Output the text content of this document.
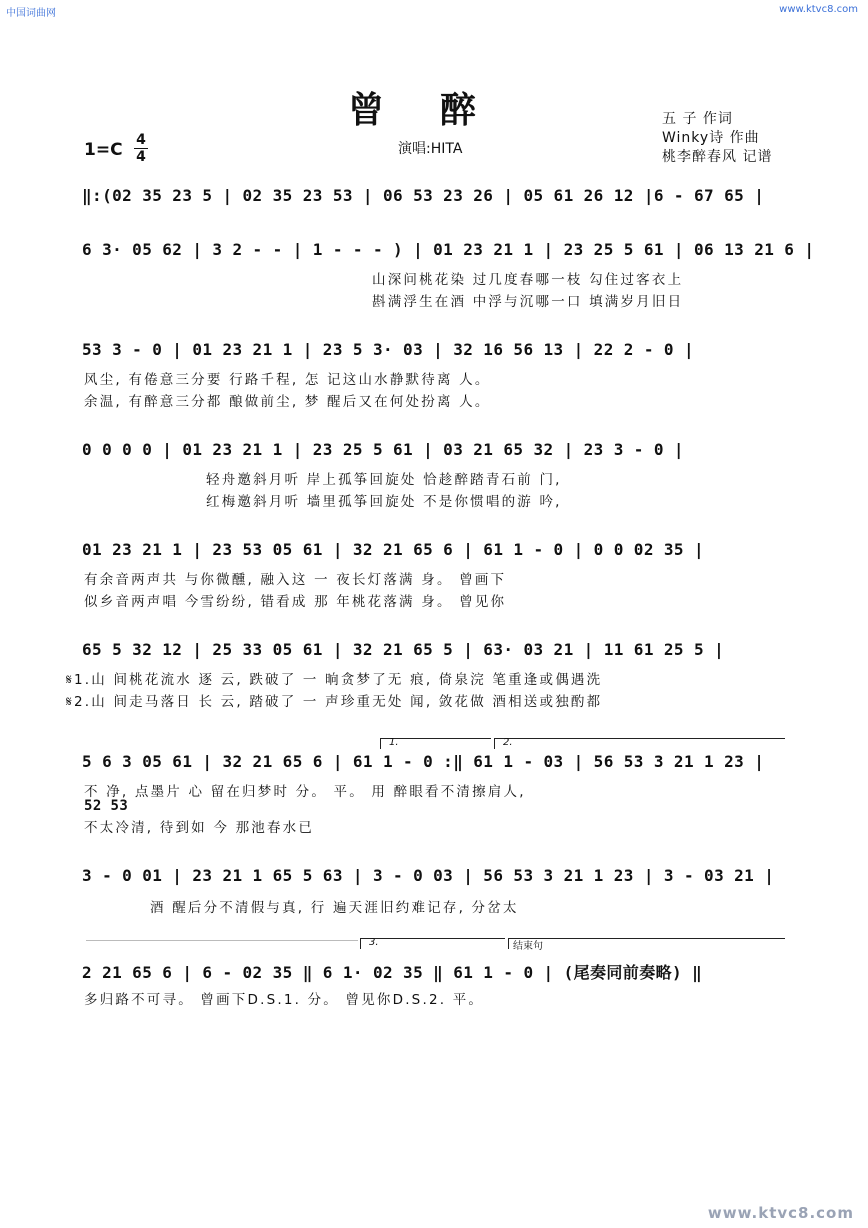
中国词曲网	www.ktvc8.com
www.ktvc8.com
曾醉
1=C 4
4	演唱:HITA
五 子 作词
Winky诗 作曲
桃李醉春风 记谱
‖:(02 35 23 5 | 02 35 23 53 | 06 53 23 26 | 05 61 26 12 |6 - 67 65 |
6 3· 05 62 | 3 2 - - | 1 - - - ) | 01 23 21 1 | 23 25 5 61 | 06 13 21 6 |
山深问桃花染 过几度春哪一枝 勾住过客衣上
斟满浮生在酒 中浮与沉哪一口 填满岁月旧日
53 3 - 0 | 01 23 21 1 | 23 5 3· 03 | 32 16 56 13 | 22 2 - 0 |
风尘, 有倦意三分要 行路千程, 怎 记这山水静默待离 人。
余温, 有醉意三分都 酿做前尘, 梦 醒后又在何处扮离 人。
0 0 0 0 | 01 23 21 1 | 23 25 5 61 | 03 21 65 32 | 23 3 - 0 |
轻舟邀斜月听 岸上孤筝回旋处 恰趁醉踏青石前 门,
红梅邀斜月听 墙里孤筝回旋处 不是你惯唱的游 吟,
01 23 21 1 | 23 53 05 61 | 32 21 65 6 | 61 1 - 0 | 0 0 02 35 |
有余音两声共 与你微醺, 融入这 一 夜长灯落满 身。 曾画下
似乡音两声唱 今雪纷纷, 错看成 那 年桃花落满 身。 曾见你
65 5 32 12 | 25 33 05 61 | 32 21 65 5 | 63· 03 21 | 11 61 25 5 |
𝄋1.山 间桃花流水 逐 云, 跌破了 一 晌贪梦了无 痕, 倚泉浣 笔重逢或偶遇洗
𝄋2.山 间走马落日 长 云, 踏破了 一 声珍重无处 闻, 敛花做 酒相送或独酌都
1.	2.
5 6 3 05 61 | 32 21 65 6 | 61 1 - 0 :‖ 61 1 - 03 | 56 53 3 21 1 23 |
不 净, 点墨片 心 留在归梦时 分。 平。 用 醉眼看不清擦肩人,
52 53
不太冷清, 待到如 今 那池春水已
3 - 0 01 | 23 21 1 65 5 63 | 3 - 0 03 | 56 53 3 21 1 23 | 3 - 03 21 |
酒 醒后分不清假与真, 行 遍天涯旧约难记存, 分岔太
3.	结束句
2 21 65 6 | 6 - 02 35 ‖ 6 1· 02 35 ‖ 61 1 - 0 | (尾奏同前奏略) ‖
多归路不可寻。 曾画下D.S.1. 分。 曾见你D.S.2. 平。
